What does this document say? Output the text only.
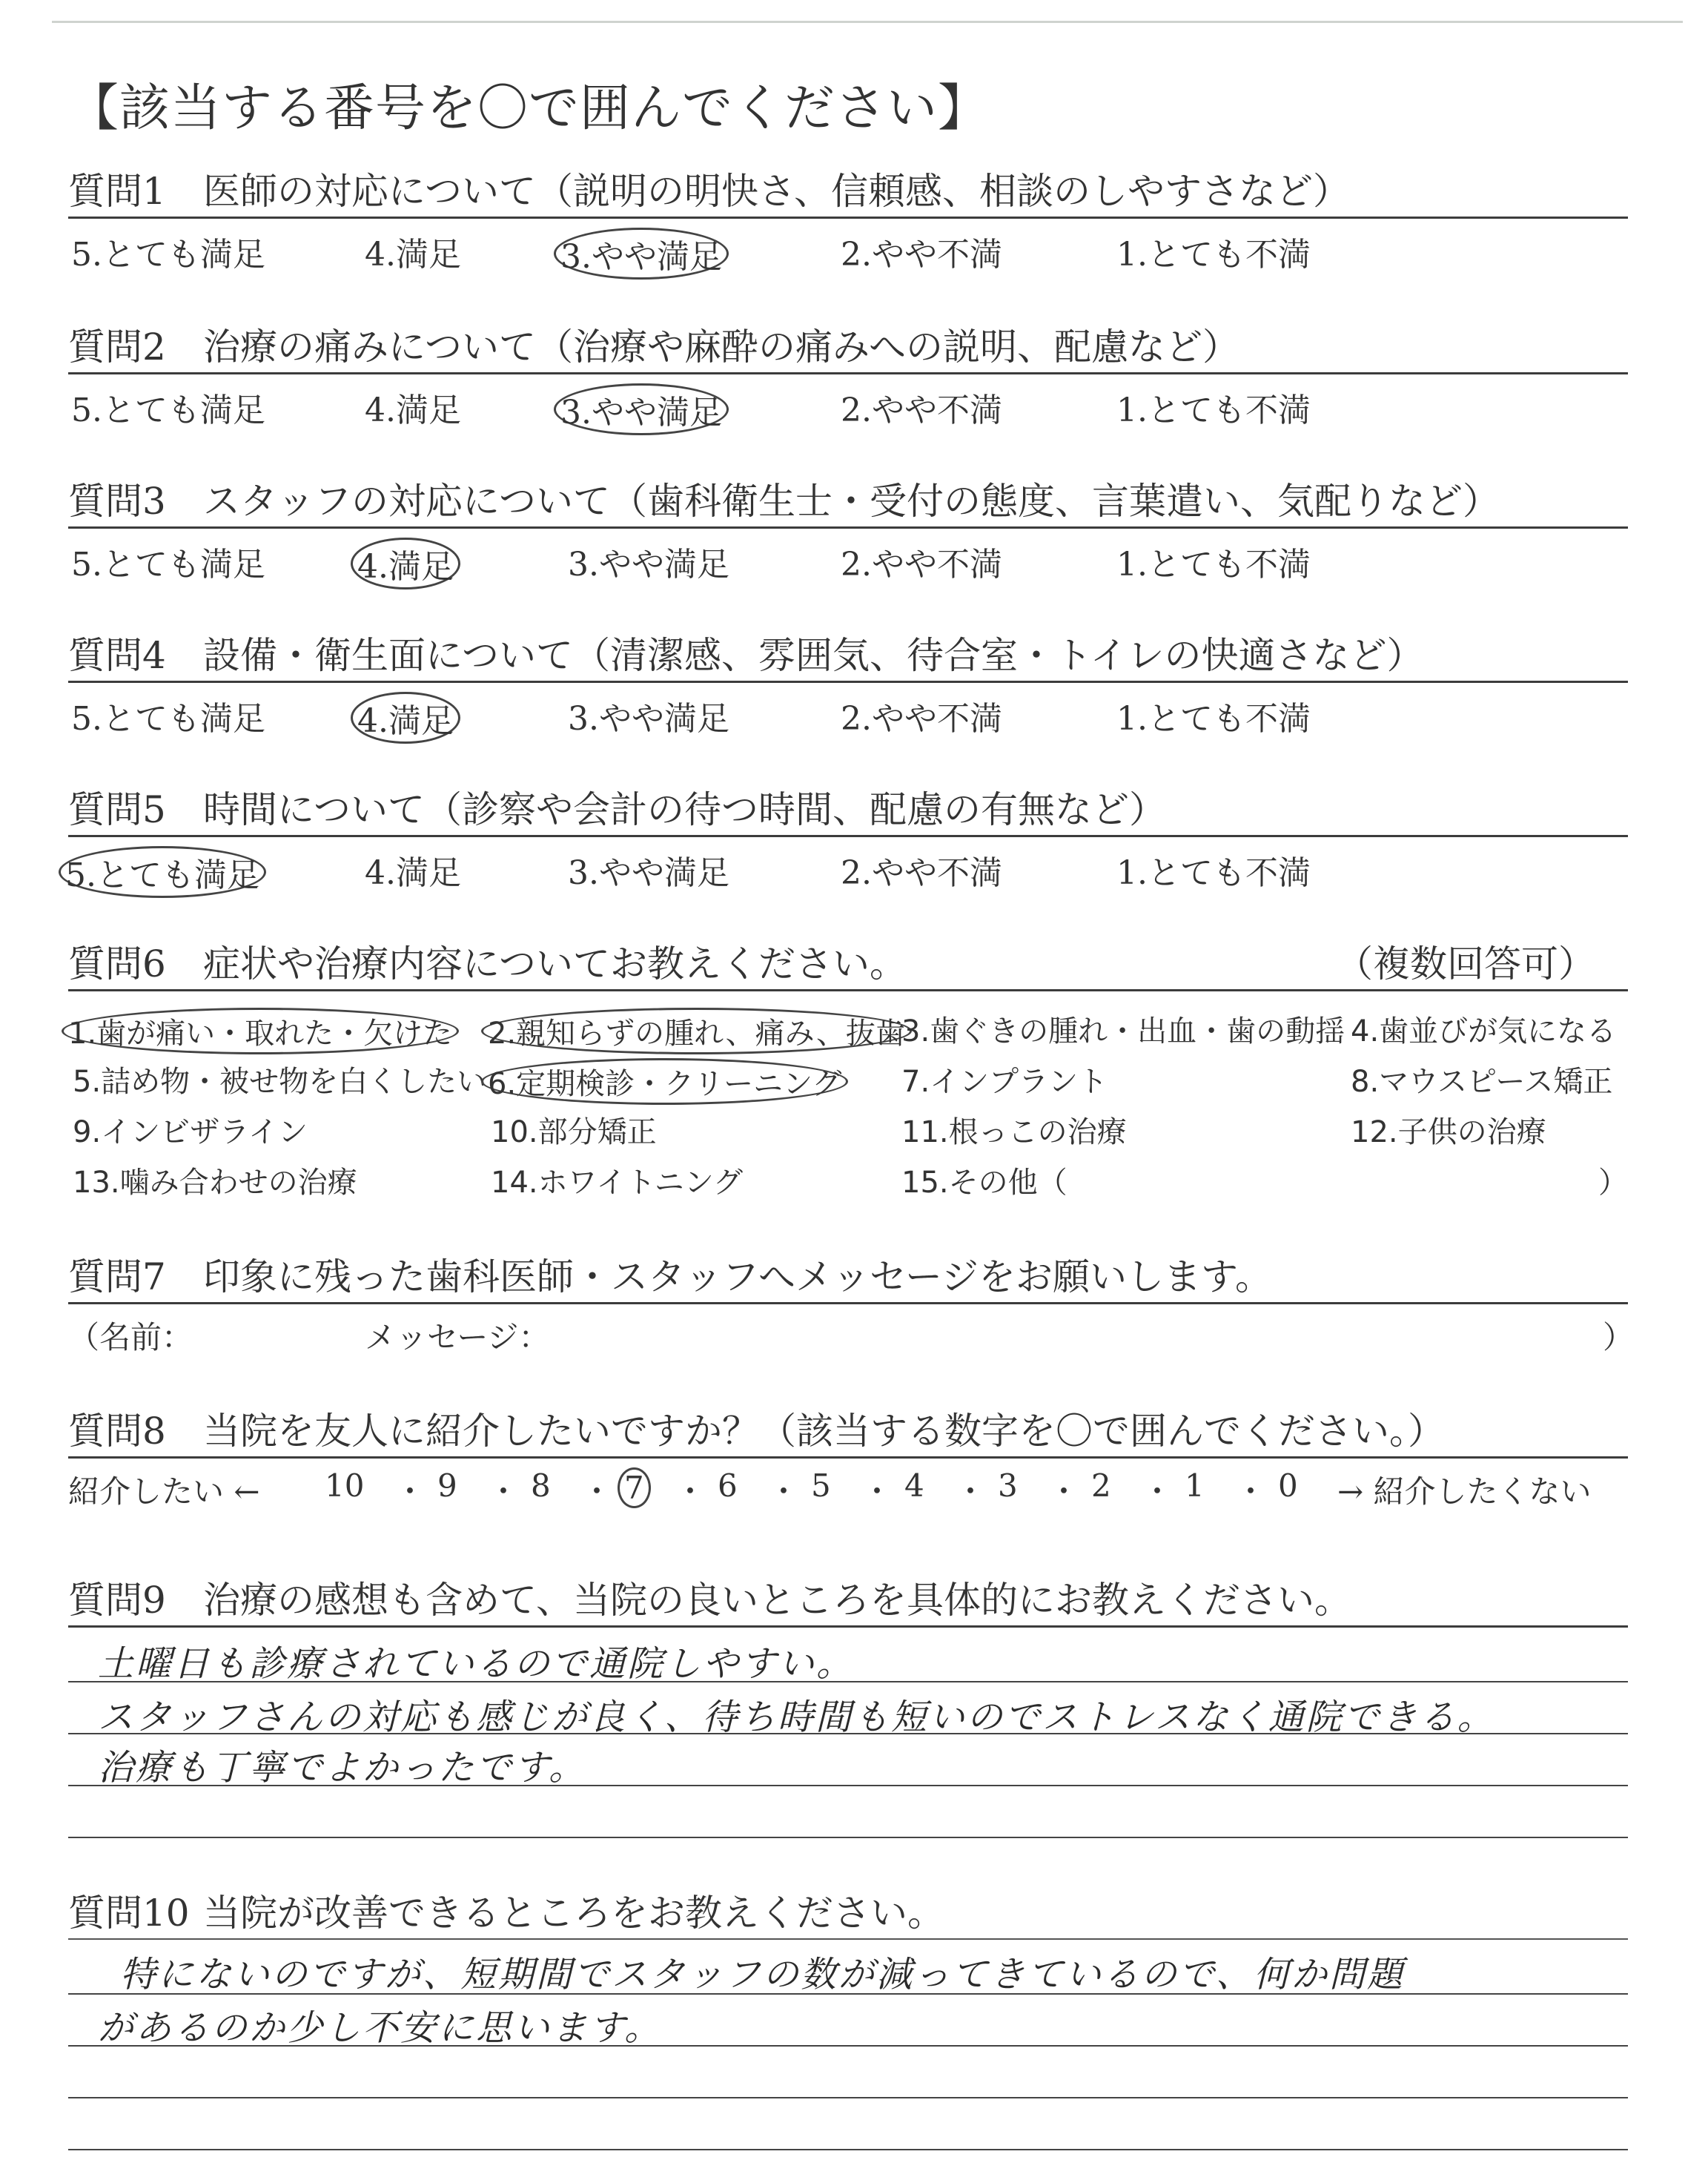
【該当する番号を〇で囲んでください】
質問1 医師の対応について（説明の明快さ、信頼感、相談のしやすさなど）
5.とても満足	4.満足	3.やや満足	2.やや不満	1.とても不満
質問2 治療の痛みについて（治療や麻酔の痛みへの説明、配慮など）
5.とても満足	4.満足	3.やや満足	2.やや不満	1.とても不満
質問3 スタッフの対応について（歯科衛生士・受付の態度、言葉遣い、気配りなど）
5.とても満足	4.満足	3.やや満足	2.やや不満	1.とても不満
質問4 設備・衛生面について（清潔感、雰囲気、待合室・トイレの快適さなど）
5.とても満足	4.満足	3.やや満足	2.やや不満	1.とても不満
質問5 時間について（診察や会計の待つ時間、配慮の有無など）
5.とても満足	4.満足	3.やや満足	2.やや不満	1.とても不満
質問6 症状や治療内容についてお教えください。	（複数回答可）
1.歯が痛い・取れた・欠けた 2.親知らずの腫れ、痛み、抜歯
3.歯ぐきの腫れ・出血・歯の動揺 4.歯並びが気になる
5.詰め物・被せ物を白くしたい 6.定期検診・クリーニング 7.インプラント	8.マウスピース矯正
9.インビザライン	10.部分矯正	11.根っこの治療	12.子供の治療
13.噛み合わせの治療	14.ホワイトニング	15.その他（	）
質問7 印象に残った歯科医師・スタッフへメッセージをお願いします。
（名前：	メッセージ：	）
質問8 当院を友人に紹介したいですか？（該当する数字を〇で囲んでください。）
紹介したい ← 10 ・ 9 ・ 8 ・ 7 ・ 6 ・ 5 ・ 4 ・ 3 ・ 2 ・ 1 ・ 0 → 紹介したくない
質問9 治療の感想も含めて、当院の良いところを具体的にお教えください。
土曜日も診療されているので通院しやすい。
スタッフさんの対応も感じが良く、待ち時間も短いのでストレスなく通院できる。
治療も丁寧でよかったです。
質問10 当院が改善できるところをお教えください。
特にないのですが、短期間でスタッフの数が減ってきているので、何か問題
があるのか少し不安に思います。
